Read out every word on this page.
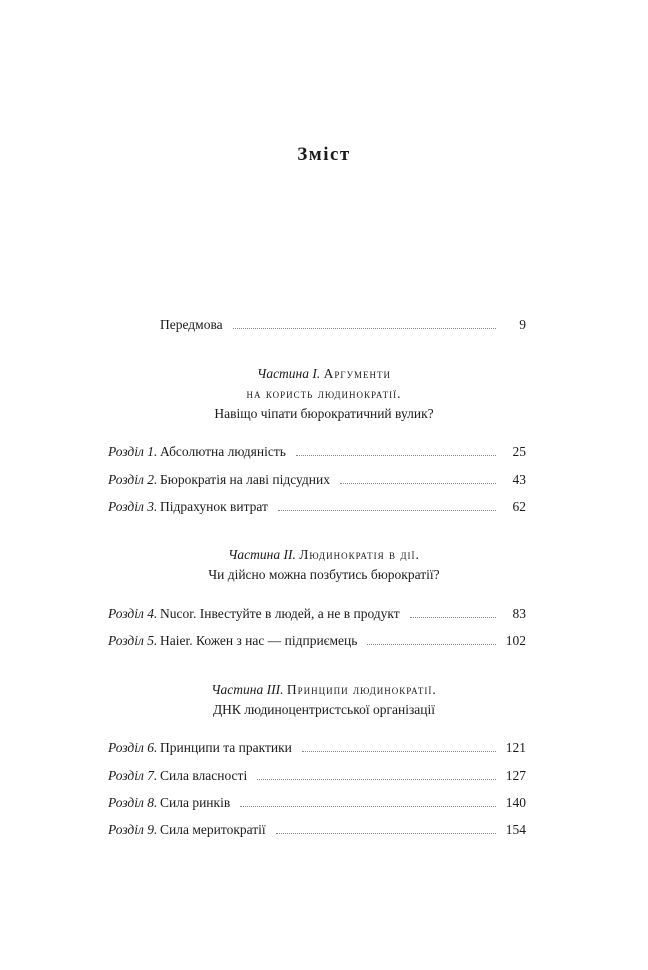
Зміст
Передмова	9
Частина I. Аргументи
на користь людинократії.
Навіщо чіпати бюрократичний вулик?
Розділ 1. Абсолютна людяність	25
Розділ 2. Бюрократія на лаві підсудних	43
Розділ 3. Підрахунок витрат	62
Частина II. Людинократія в дії.
Чи дійсно можна позбутись бюрократії?
Розділ 4. Nucor. Інвестуйте в людей, а не в продукт	83
Розділ 5. Haier. Кожен з нас — підприємець	102
Частина III. Принципи людинократії.
ДНК людиноцентристської організації
Розділ 6. Принципи та практики	121
Розділ 7. Сила власності	127
Розділ 8. Сила ринків	140
Розділ 9. Сила меритократії	154
